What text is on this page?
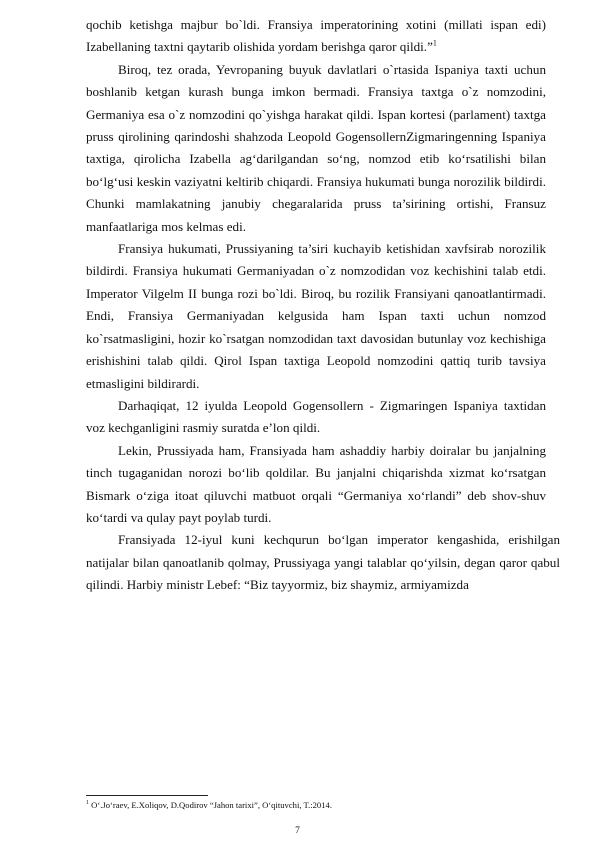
qochib ketishga majbur bo`ldi. Fransiya imperatorining xotini (millati ispan edi) Izabellaning taxtni qaytarib olishida yordam berishga qaror qildi.”$^1$

Biroq, tez orada, Yevropaning buyuk davlatlari o`rtasida Ispaniya taxti uchun boshlanib ketgan kurash bunga imkon bermadi. Fransiya taxtga o`z nomzodini, Germaniya esa o`z nomzodini qo`yishga harakat qildi. Ispan kortesi (parlament) taxtga pruss qirolining qarindoshi shahzoda Leopold GogensollernZigmaringenning Ispaniya taxtiga, qirolicha Izabella ag‘darilgandan so‘ng, nomzod etib ko‘rsatilishi bilan bo‘lg‘usi keskin vaziyatni keltirib chiqardi. Fransiya hukumati bunga norozilik bildirdi. Chunki mamlakatning janubiy chegaralarida pruss ta’sirining ortishi, Fransuz manfaatlariga mos kelmas edi.

Fransiya hukumati, Prussiyaning ta’siri kuchayib ketishidan xavfsirab norozilik bildirdi. Fransiya hukumati Germaniyadan o`z nomzodidan voz kechishini talab etdi. Imperator Vilgelm II bunga rozi bo`ldi. Biroq, bu rozilik Fransiyani qanoatlantirmadi. Endi, Fransiya Germaniyadan kelgusida ham Ispan taxti uchun nomzod ko`rsatmasligini, hozir ko`rsatgan nomzodidan taxt davosidan butunlay voz kechishiga erishishini talab qildi. Qirol Ispan taxtiga Leopold nomzodini qattiq turib tavsiya etmasligini bildirardi.

Darhaqiqat, 12 iyulda Leopold Gogensollern - Zigmaringen Ispaniya taxtidan voz kechganligini rasmiy suratda e’lon qildi.

Lekin, Prussiyada ham, Fransiyada ham ashaddiy harbiy doiralar bu janjalning tinch tugaganidan norozi bo‘lib qoldilar. Bu janjalni chiqarishda xizmat ko‘rsatgan Bismark o‘ziga itoat qiluvchi matbuot orqali “Germaniya xo‘rlandi” deb shov-shuv ko‘tardi va qulay payt poylab turdi.

Fransiyada 12-iyul kuni kechqurun bo‘lgan imperator kengashida, erishilgan natijalar bilan qanoatlanib qolmay, Prussiyaga yangi talablar qo‘yilsin, degan qaror qabul qilindi. Harbiy ministr Lebef: “Biz tayyormiz, biz shaymiz, armiyamizda

$^1$ O‘.Jo‘raev, E.Xoliqov, D.Qodirov “Jahon tarixi”, O‘qituvchi, T.:2014.
7
